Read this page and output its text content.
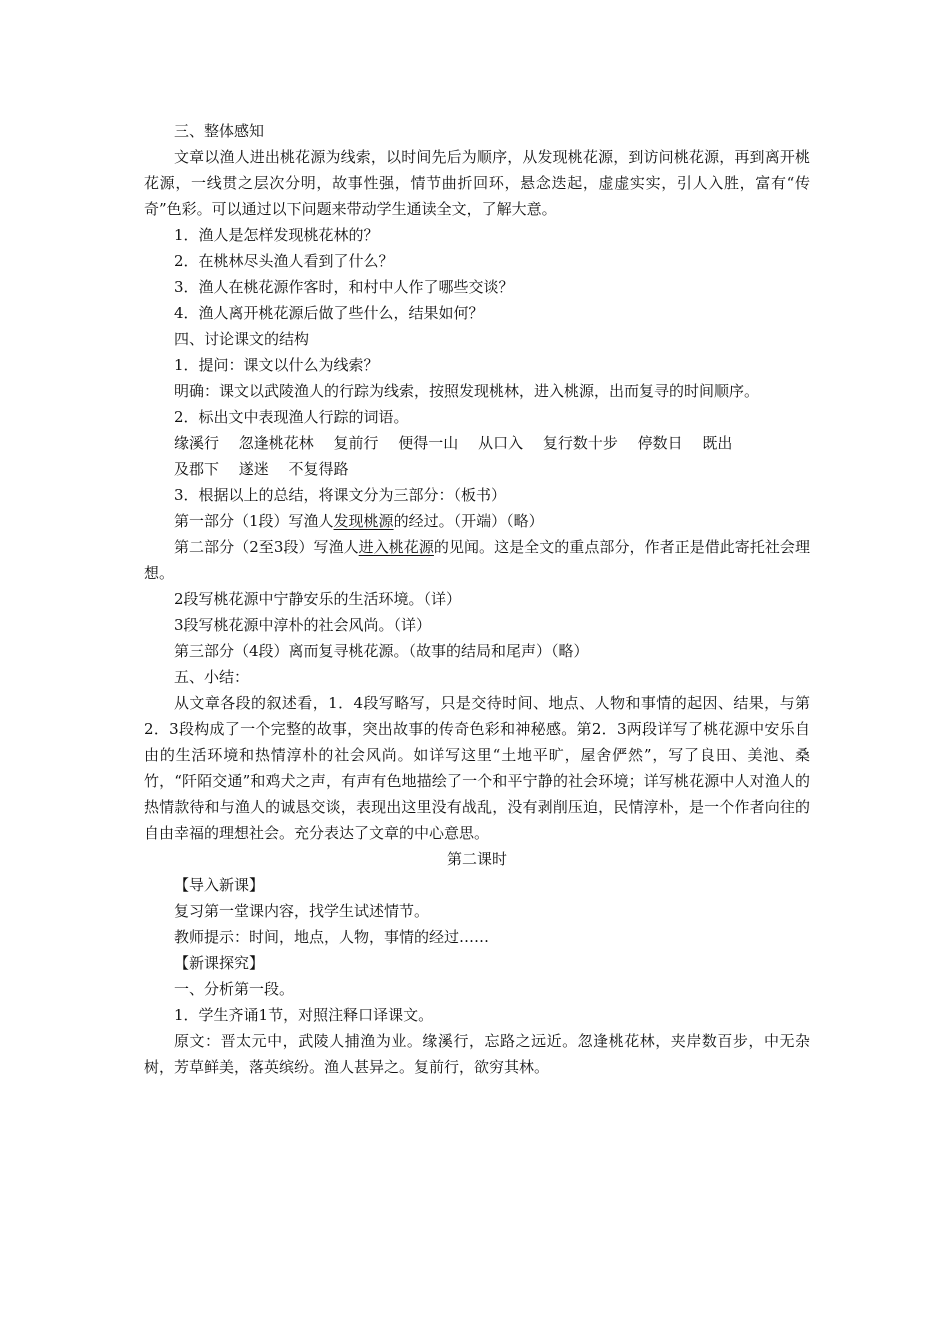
三、整体感知

文章以渔人进出桃花源为线索，以时间先后为顺序，从发现桃花源，到访问桃花源，再到离开桃花源，一线贯之层次分明，故事性强，情节曲折回环，悬念迭起，虚虚实实，引人入胜，富有“传奇”色彩。可以通过以下问题来带动学生通读全文，了解大意。

1．渔人是怎样发现桃花林的？

2．在桃林尽头渔人看到了什么？

3．渔人在桃花源作客时，和村中人作了哪些交谈？

4．渔人离开桃花源后做了些什么，结果如何？

四、讨论课文的结构

1．提问：课文以什么为线索？

明确：课文以武陵渔人的行踪为线索，按照发现桃林，进入桃源，出而复寻的时间顺序。

2．标出文中表现渔人行踪的词语。

缘溪行　 忽逢桃花林　 复前行　 便得一山　 从口入　 复行数十步　 停数日　 既出

及郡下　 遂迷　 不复得路

3．根据以上的总结，将课文分为三部分：（板书）

第一部分（1段）写渔人发现桃源的经过。（开端）（略）

第二部分（2至3段）写渔人进入桃花源的见闻。这是全文的重点部分，作者正是借此寄托社会理想。

2段写桃花源中宁静安乐的生活环境。（详）

3段写桃花源中淳朴的社会风尚。（详）

第三部分（4段）离而复寻桃花源。（故事的结局和尾声）（略）

五、小结：

从文章各段的叙述看，1．4段写略写，只是交待时间、地点、人物和事情的起因、结果，与第2．3段构成了一个完整的故事，突出故事的传奇色彩和神秘感。第2．3两段详写了桃花源中安乐自由的生活环境和热情淳朴的社会风尚。如详写这里“土地平旷，屋舍俨然”，写了良田、美池、桑竹，“阡陌交通”和鸡犬之声，有声有色地描绘了一个和平宁静的社会环境；详写桃花源中人对渔人的热情款待和与渔人的诚恳交谈，表现出这里没有战乱，没有剥削压迫，民情淳朴，是一个作者向往的自由幸福的理想社会。充分表达了文章的中心意思。

第二课时

【导入新课】

复习第一堂课内容，找学生试述情节。

教师提示：时间，地点，人物，事情的经过……

【新课探究】

一、分析第一段。

1．学生齐诵1节，对照注释口译课文。

原文：晋太元中，武陵人捕渔为业。缘溪行，忘路之远近。忽逢桃花林，夹岸数百步，中无杂树，芳草鲜美，落英缤纷。渔人甚异之。复前行，欲穷其林。
